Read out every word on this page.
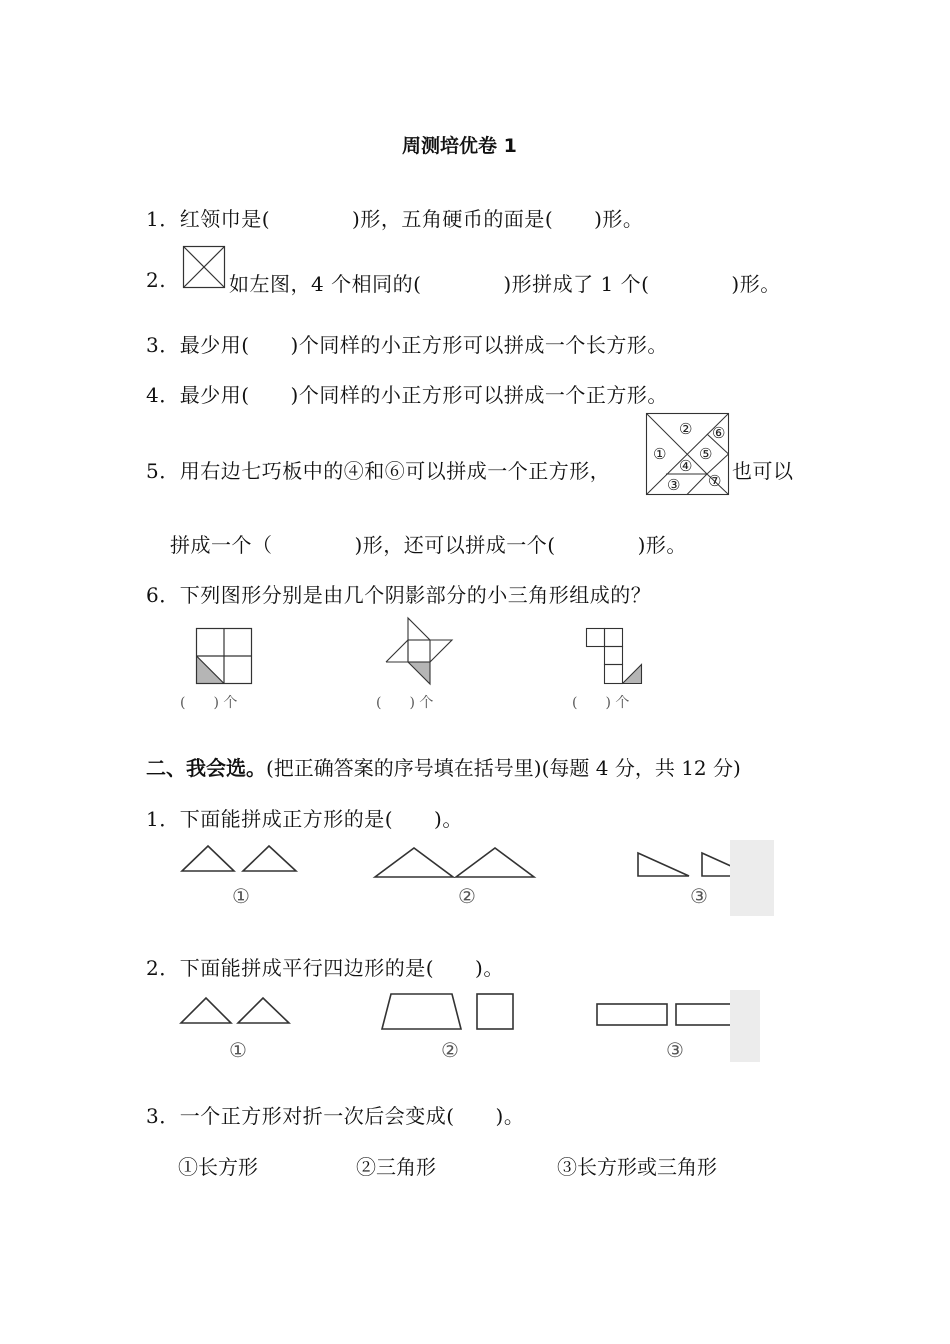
周测培优卷 1
1．红领巾是(　　　　)形，五角硬币的面是(　　)形。
2.	如左图，4 个相同的(　　　　)形拼成了 1 个(　　　　)形。
3．最少用(　　)个同样的小正方形可以拼成一个长方形。
4．最少用(　　)个同样的小正方形可以拼成一个正方形。
5．用右边七巧板中的④和⑥可以拼成一个正方形，
①
②
③
④
⑤
⑥
⑦ 也可以
拼成一个（　　　　)形，还可以拼成一个(　　　　)形。
6．下列图形分别是由几个阴影部分的小三角形组成的？
(　　) 个	(　　) 个	(　　) 个
二、我会选。(把正确答案的序号填在括号里)(每题 4 分，共 12 分)
1．下面能拼成正方形的是(　　)。
①	②	③
2．下面能拼成平行四边形的是(　　)。
①	②	③
3．一个正方形对折一次后会变成(　　)。
①长方形	②三角形	③长方形或三角形
